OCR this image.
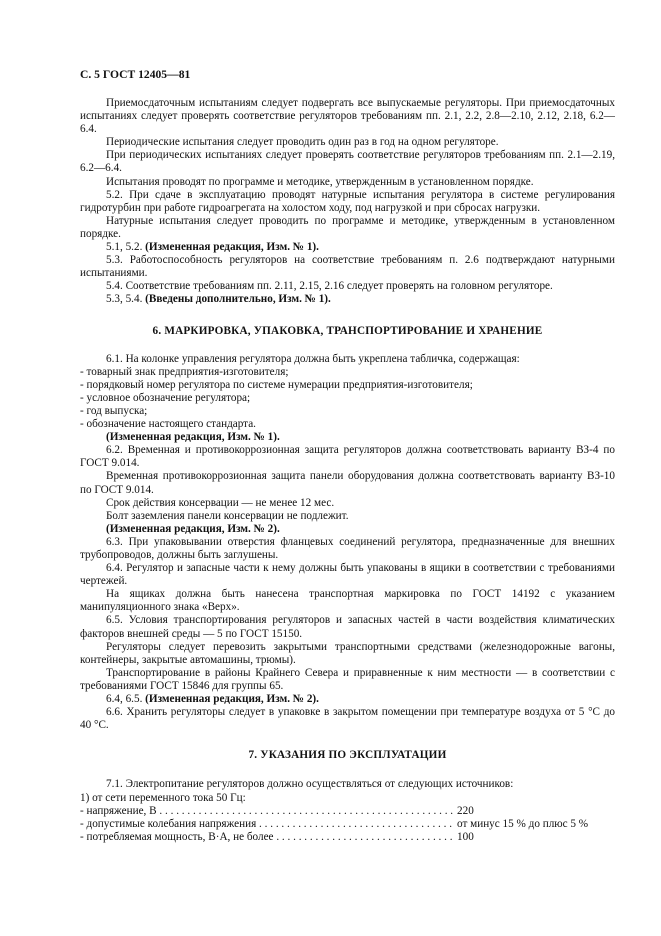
С. 5 ГОСТ 12405—81

Приемосдаточным испытаниям следует подвергать все выпускаемые регуляторы. При приемосдаточных испытаниях следует проверять соответствие регуляторов требованиям пп. 2.1, 2.2, 2.8—2.10, 2.12, 2.18, 6.2—6.4.

Периодические испытания следует проводить один раз в год на одном регуляторе.

При периодических испытаниях следует проверять соответствие регуляторов требованиям пп. 2.1—2.19, 6.2—6.4.

Испытания проводят по программе и методике, утвержденным в установленном порядке.

5.2. При сдаче в эксплуатацию проводят натурные испытания регулятора в системе регулирования гидротурбин при работе гидроагрегата на холостом ходу, под нагрузкой и при сбросах нагрузки.

Натурные испытания следует проводить по программе и методике, утвержденным в установленном порядке.

5.1, 5.2. (Измененная редакция, Изм. № 1).

5.3. Работоспособность регуляторов на соответствие требованиям п. 2.6 подтверждают натурными испытаниями.

5.4. Соответствие требованиям пп. 2.11, 2.15, 2.16 следует проверять на головном регуляторе.

5.3, 5.4. (Введены дополнительно, Изм. № 1).

6. МАРКИРОВКА, УПАКОВКА, ТРАНСПОРТИРОВАНИЕ И ХРАНЕНИЕ

6.1. На колонке управления регулятора должна быть укреплена табличка, содержащая:

- товарный знак предприятия-изготовителя;

- порядковый номер регулятора по системе нумерации предприятия-изготовителя;

- условное обозначение регулятора;

- год выпуска;

- обозначение настоящего стандарта.

(Измененная редакция, Изм. № 1).

6.2. Временная и противокоррозионная защита регуляторов должна соответствовать варианту ВЗ-4 по ГОСТ 9.014.

Временная противокоррозионная защита панели оборудования должна соответствовать варианту ВЗ-10 по ГОСТ 9.014.

Срок действия консервации — не менее 12 мес.

Болт заземления панели консервации не подлежит.

(Измененная редакция, Изм. № 2).

6.3. При упаковывании отверстия фланцевых соединений регулятора, предназначенные для внешних трубопроводов, должны быть заглушены.

6.4. Регулятор и запасные части к нему должны быть упакованы в ящики в соответствии с требованиями чертежей.

На ящиках должна быть нанесена транспортная маркировка по ГОСТ 14192 с указанием манипуляционного знака «Верх».

6.5. Условия транспортирования регуляторов и запасных частей в части воздействия климатических факторов внешней среды — 5 по ГОСТ 15150.

Регуляторы следует перевозить закрытыми транспортными средствами (железнодорожные вагоны, контейнеры, закрытые автомашины, трюмы).

Транспортирование в районы Крайнего Севера и приравненные к ним местности — в соответствии с требованиями ГОСТ 15846 для группы 65.

6.4, 6.5. (Измененная редакция, Изм. № 2).

6.6. Хранить регуляторы следует в упаковке в закрытом помещении при температуре воздуха от 5 °С до 40 °С.

7. УКАЗАНИЯ ПО ЭКСПЛУАТАЦИИ

7.1. Электропитание регуляторов должно осуществляться от следующих источников:

1) от сети переменного тока 50 Гц:

- напряжение, В . . .	220
- допустимые колебания напряжения . . .	от минус 15 % до плюс 5 %
- потребляемая мощность, В·А, не более . . .	100
